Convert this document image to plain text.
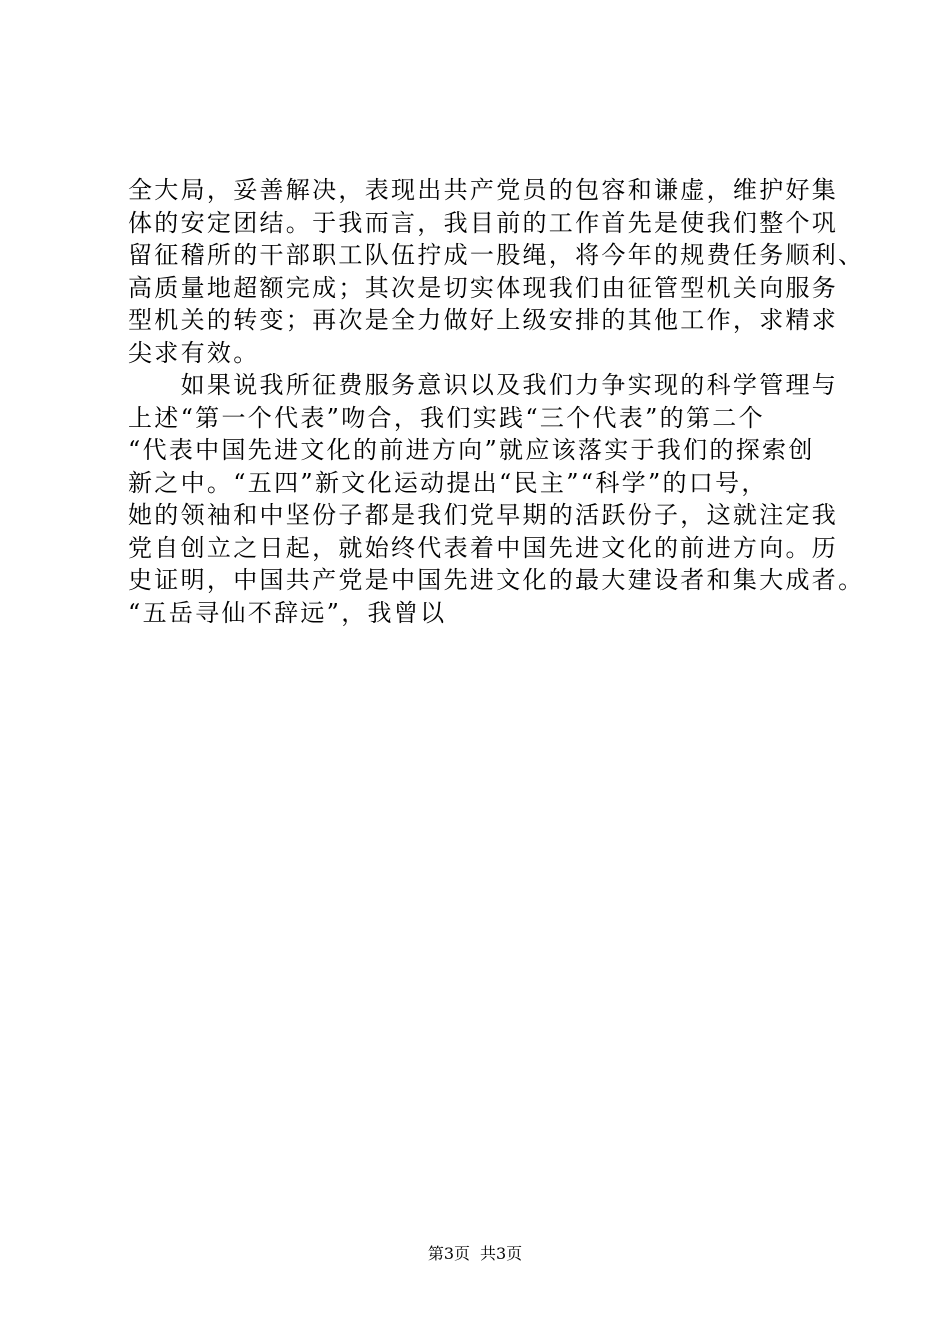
全大局，妥善解决，表现出共产党员的包容和谦虚，维护好集
体的安定团结。于我而言，我目前的工作首先是使我们整个巩
留征稽所的干部职工队伍拧成一股绳，将今年的规费任务顺利、
高质量地超额完成；其次是切实体现我们由征管型机关向服务
型机关的转变；再次是全力做好上级安排的其他工作，求精求
尖求有效。
　　如果说我所征费服务意识以及我们力争实现的科学管理与
上述“第一个代表”吻合，我们实践“三个代表”的第二个
“代表中国先进文化的前进方向”就应该落实于我们的探索创
新之中。“五四”新文化运动提出“民主”“科学”的口号，
她的领袖和中坚份子都是我们党早期的活跃份子，这就注定我
党自创立之日起，就始终代表着中国先进文化的前进方向。历
史证明，中国共产党是中国先进文化的最大建设者和集大成者。
“五岳寻仙不辞远”，我曾以
第3页 共3页
